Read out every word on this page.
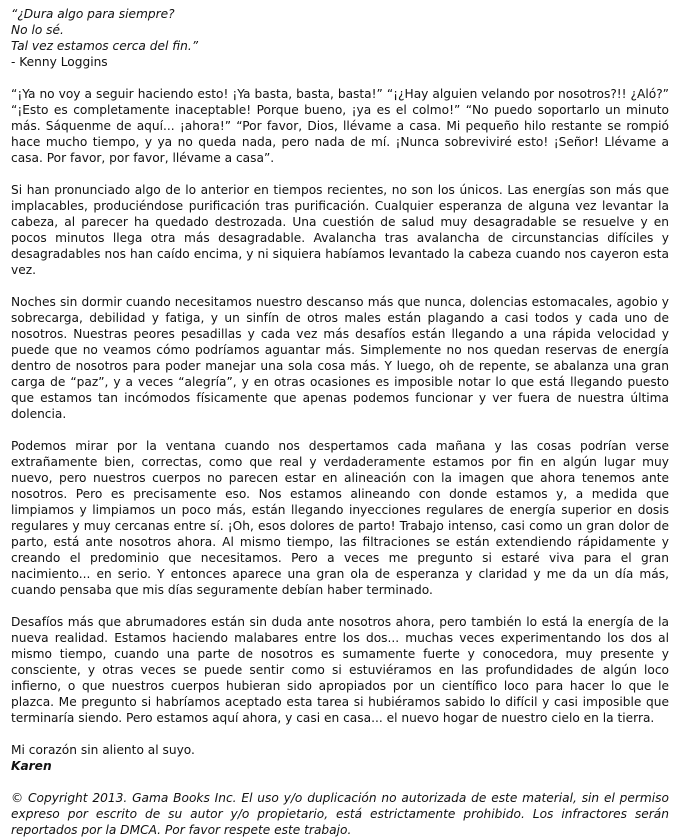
“¿Dura algo para siempre?

No lo sé.

Tal vez estamos cerca del fin.”
- Kenny Loggins

“¡Ya no voy a seguir haciendo esto! ¡Ya basta, basta, basta!” “¡¿Hay alguien velando por nosotros?!! ¿Aló?” “¡Esto es completamente inaceptable! Porque bueno, ¡ya es el colmo!” “No puedo soportarlo un minuto más. Sáquenme de aquí... ¡ahora!” “Por favor, Dios, llévame a casa. Mi pequeño hilo restante se rompió hace mucho tiempo, y ya no queda nada, pero nada de mí. ¡Nunca sobreviviré esto! ¡Señor! Llévame a casa. Por favor, por favor, llévame a casa”.

Si han pronunciado algo de lo anterior en tiempos recientes, no son los únicos. Las energías son más que implacables, produciéndose purificación tras purificación. Cualquier esperanza de alguna vez levantar la cabeza, al parecer ha quedado destrozada. Una cuestión de salud muy desagradable se resuelve y en pocos minutos llega otra más desagradable. Avalancha tras avalancha de circunstancias difíciles y desagradables nos han caído encima, y ni siquiera habíamos levantado la cabeza cuando nos cayeron esta vez.

Noches sin dormir cuando necesitamos nuestro descanso más que nunca, dolencias estomacales, agobio y sobrecarga, debilidad y fatiga, y un sinfín de otros males están plagando a casi todos y cada uno de nosotros. Nuestras peores pesadillas y cada vez más desafíos están llegando a una rápida velocidad y puede que no veamos cómo podríamos aguantar más. Simplemente no nos quedan reservas de energía dentro de nosotros para poder manejar una sola cosa más. Y luego, oh de repente, se abalanza una gran carga de “paz”, y a veces “alegría”, y en otras ocasiones es imposible notar lo que está llegando puesto que estamos tan incómodos físicamente que apenas podemos funcionar y ver fuera de nuestra última dolencia.

Podemos mirar por la ventana cuando nos despertamos cada mañana y las cosas podrían verse extrañamente bien, correctas, como que real y verdaderamente estamos por fin en algún lugar muy nuevo, pero nuestros cuerpos no parecen estar en alineación con la imagen que ahora tenemos ante nosotros. Pero es precisamente eso. Nos estamos alineando con donde estamos y, a medida que limpiamos y limpiamos un poco más, están llegando inyecciones regulares de energía superior en dosis regulares y muy cercanas entre sí. ¡Oh, esos dolores de parto! Trabajo intenso, casi como un gran dolor de parto, está ante nosotros ahora. Al mismo tiempo, las filtraciones se están extendiendo rápidamente y creando el predominio que necesitamos. Pero a veces me pregunto si estaré viva para el gran nacimiento... en serio. Y entonces aparece una gran ola de esperanza y claridad y me da un día más, cuando pensaba que mis días seguramente debían haber terminado.

Desafíos más que abrumadores están sin duda ante nosotros ahora, pero también lo está la energía de la nueva realidad. Estamos haciendo malabares entre los dos... muchas veces experimentando los dos al mismo tiempo, cuando una parte de nosotros es sumamente fuerte y conocedora, muy presente y consciente, y otras veces se puede sentir como si estuviéramos en las profundidades de algún loco infierno, o que nuestros cuerpos hubieran sido apropiados por un científico loco para hacer lo que le plazca. Me pregunto si habríamos aceptado esta tarea si hubiéramos sabido lo difícil y casi imposible que terminaría siendo. Pero estamos aquí ahora, y casi en casa... el nuevo hogar de nuestro cielo en la tierra.

Mi corazón sin aliento al suyo.

Karen

© Copyright 2013. Gama Books Inc. El uso y/o duplicación no autorizada de este material, sin el permiso expreso por escrito de su autor y/o propietario, está estrictamente prohibido. Los infractores serán reportados por la DMCA. Por favor respete este trabajo.
